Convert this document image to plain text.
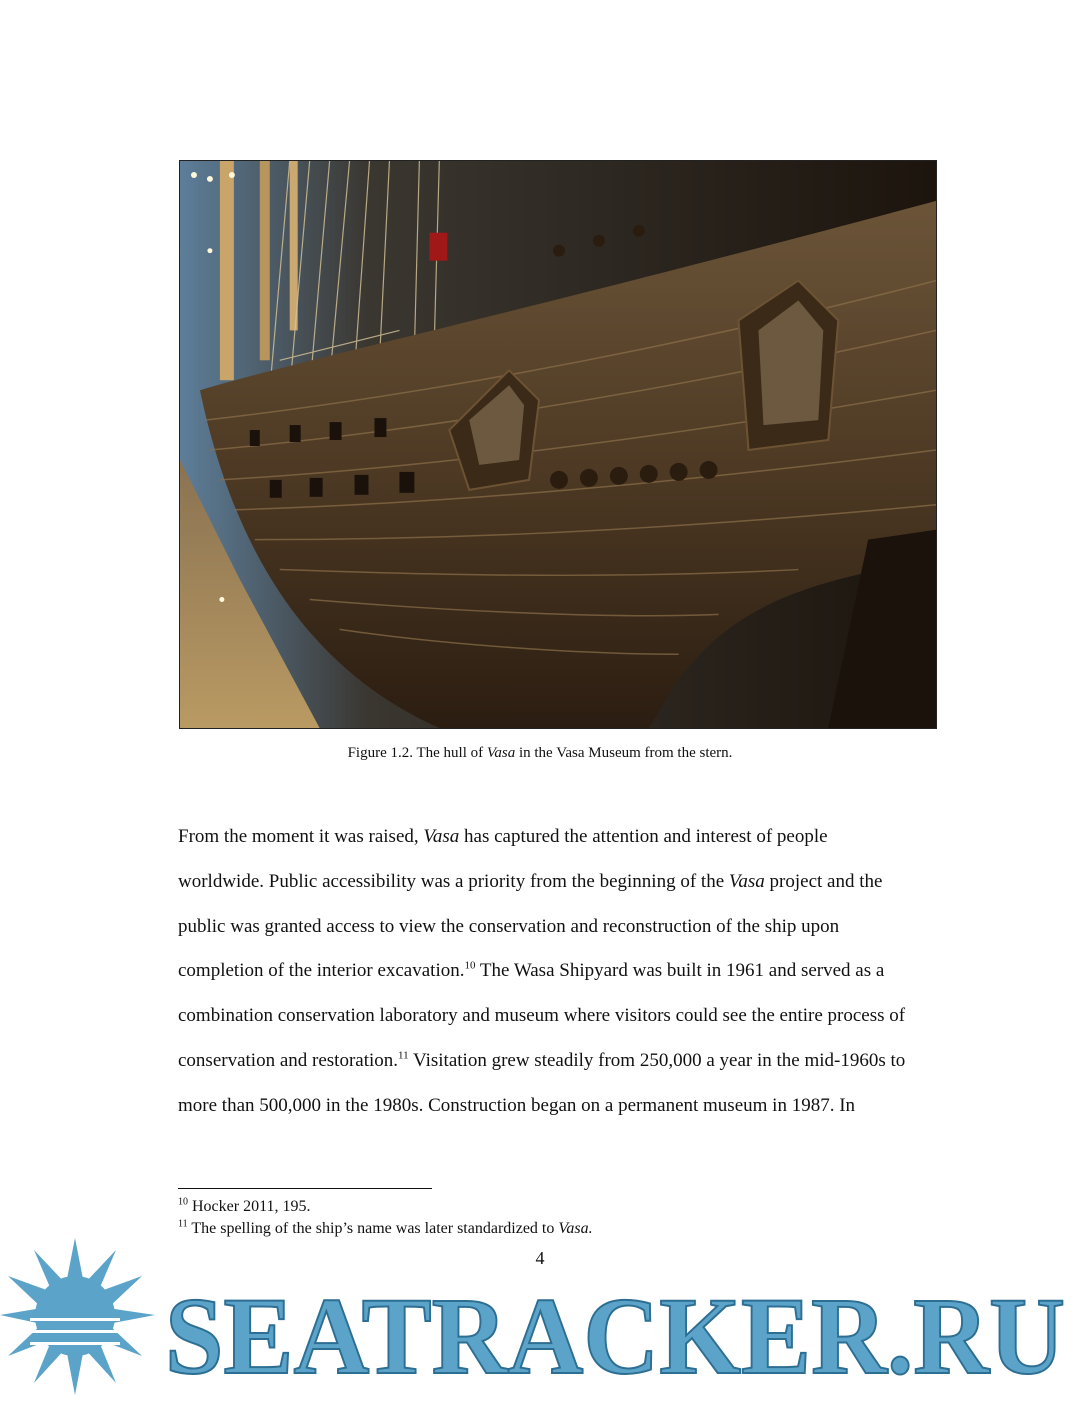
Figure 1.2. The hull of Vasa in the Vasa Museum from the stern.
From the moment it was raised, Vasa has captured the attention and interest of people
worldwide. Public accessibility was a priority from the beginning of the Vasa project and the
public was granted access to view the conservation and reconstruction of the ship upon
completion of the interior excavation.$^{10}$ The Wasa Shipyard was built in 1961 and served as a
combination conservation laboratory and museum where visitors could see the entire process of
conservation and restoration.$^{11}$ Visitation grew steadily from 250,000 a year in the mid-1960s to
more than 500,000 in the 1980s. Construction began on a permanent museum in 1987. In
$^{10}$ Hocker 2011, 195.
$^{11}$ The spelling of the ship’s name was later standardized to Vasa.
4
SEATRACKER.RU
